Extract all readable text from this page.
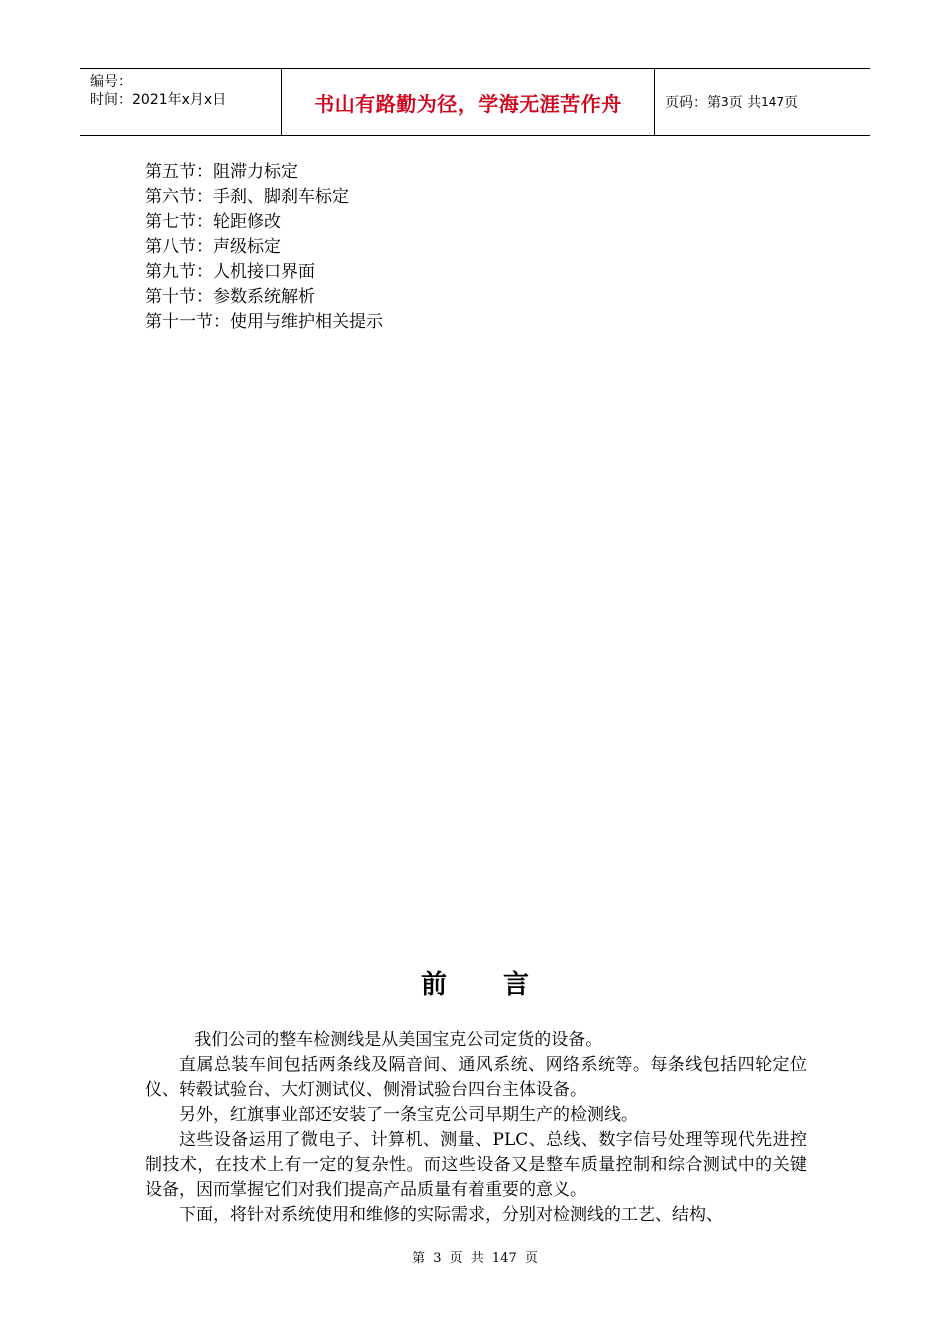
编号：
时间：2021年x月x日	书山有路勤为径，学海无涯苦作舟	页码：第 3 页 共 147 页
第五节：阻滞力标定
第六节：手刹、脚刹车标定
第七节：轮距修改
第八节：声级标定
第九节：人机接口界面
第十节：参数系统解析
第十一节：使用与维护相关提示
前言

我们公司的整车检测线是从美国宝克公司定货的设备。

直属总装车间包括两条线及隔音间、通风系统、网络系统等。每条线包括四轮定位仪、转毂试验台、大灯测试仪、侧滑试验台四台主体设备。

另外，红旗事业部还安装了一条宝克公司早期生产的检测线。

这些设备运用了微电子、计算机、测量、PLC、总线、数字信号处理等现代先进控制技术，在技术上有一定的复杂性。而这些设备又是整车质量控制和综合测试中的关键设备，因而掌握它们对我们提高产品质量有着重要的意义。

下面，将针对系统使用和维修的实际需求，分别对检测线的工艺、结构、

第 3 页 共 147 页
